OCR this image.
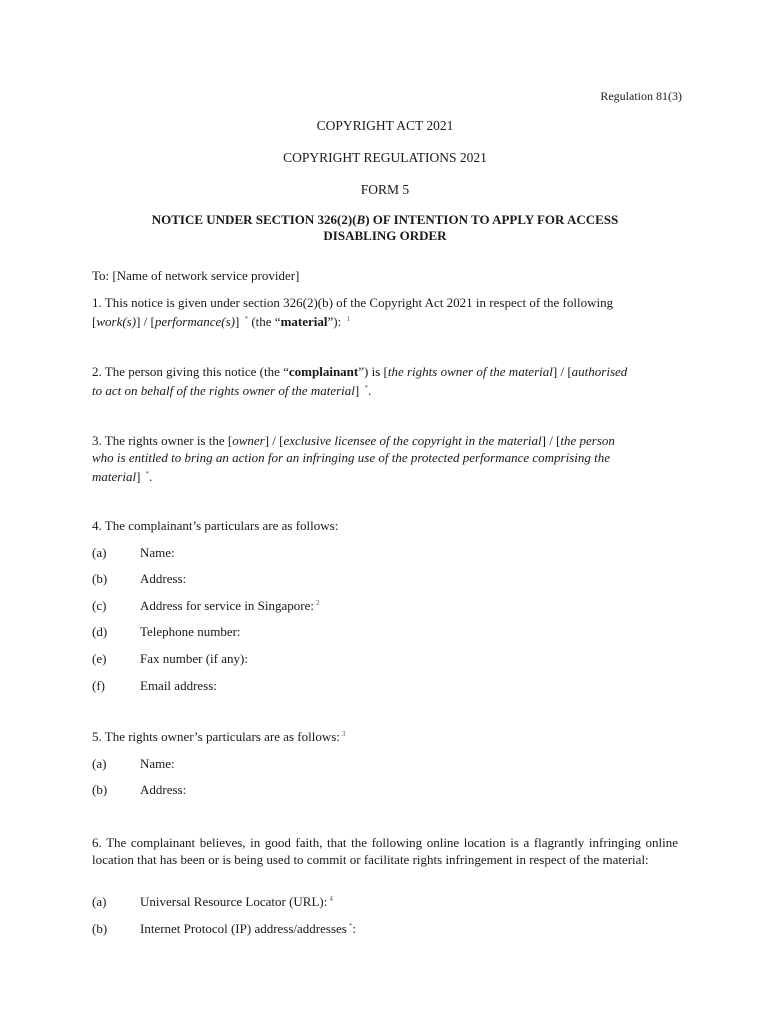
Regulation 81(3)
COPYRIGHT ACT 2021
COPYRIGHT REGULATIONS 2021
FORM 5
NOTICE UNDER SECTION 326(2)(B) OF INTENTION TO APPLY FOR ACCESS
DISABLING ORDER
To: [Name of network service provider]
1. This notice is given under section 326(2)(b) of the Copyright Act 2021 in respect of the following
[work(s)] / [performance(s)] * (the “material”): $^1$
2. The person giving this notice (the “complainant”) is [the rights owner of the material] / [authorised
to act on behalf of the rights owner of the material] *.
3. The rights owner is the [owner] / [exclusive licensee of the copyright in the material] / [the person
who is entitled to bring an action for an infringing use of the protected performance comprising the
material] *.
4. The complainant’s particulars are as follows:
(a)	Name:
(b)	Address:
(c)	Address for service in Singapore: $^2$
(d)	Telephone number:
(e)	Fax number (if any):
(f)	Email address:
5. The rights owner’s particulars are as follows: $^3$
(a)	Name:
(b)	Address:
6. The complainant believes, in good faith, that the following online location is a flagrantly infringing online location that has been or is being used to commit or facilitate rights infringement in respect of the material:
(a)	Universal Resource Locator (URL): $^4$
(b)	Internet Protocol (IP) address/addresses *:
